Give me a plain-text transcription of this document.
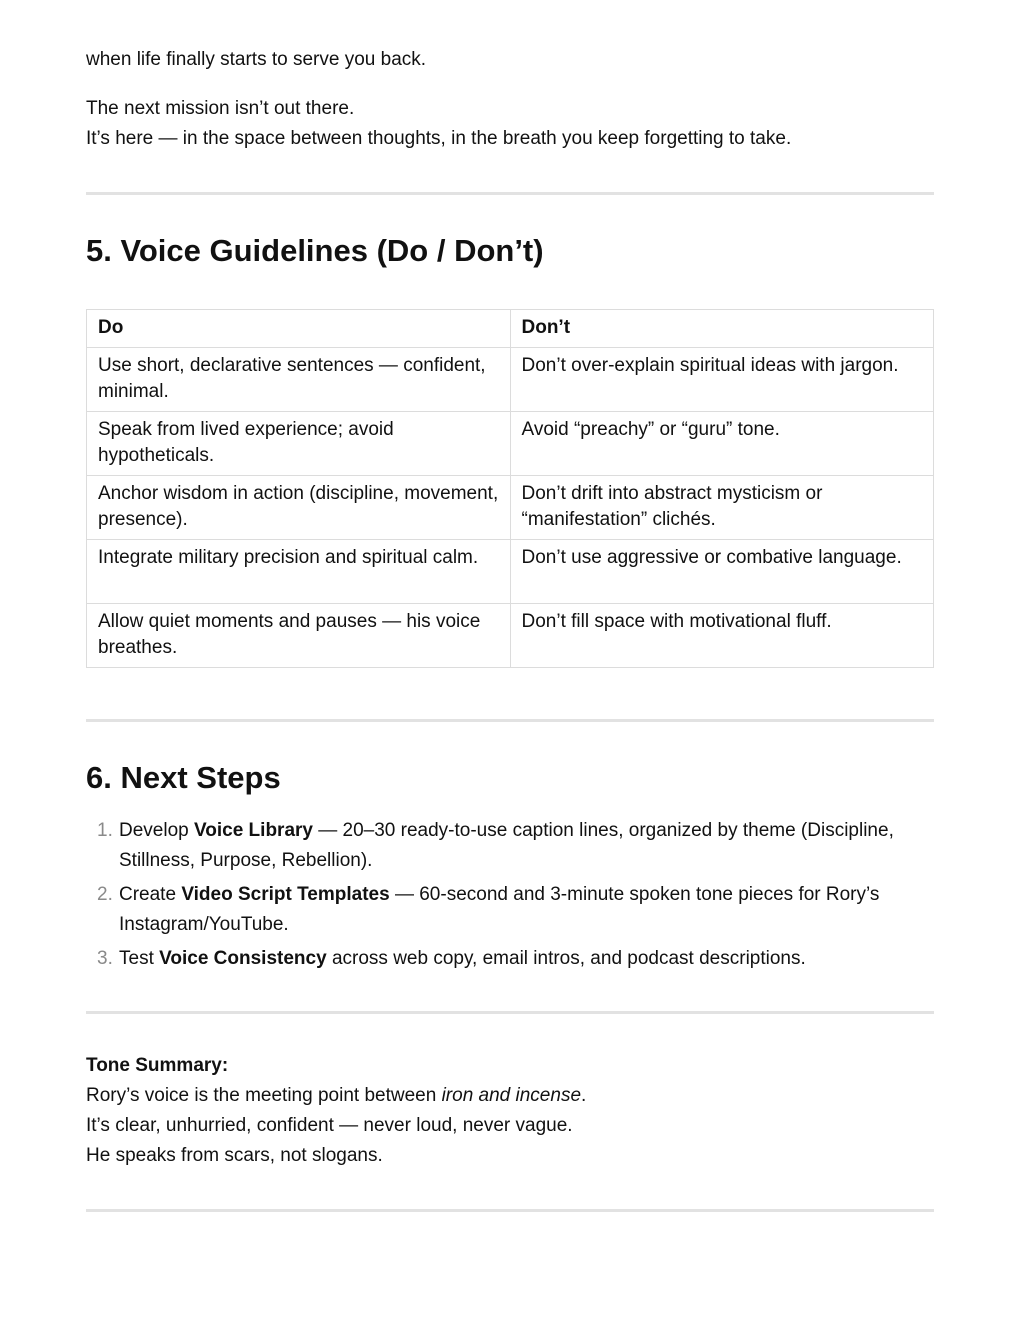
when life finally starts to serve you back.

The next mission isn’t out there.

It’s here — in the space between thoughts, in the breath you keep forgetting to take.

5. Voice Guidelines (Do / Don’t)
Do	Don’t
Use short, declarative sentences — confident, minimal.	Don’t over-explain spiritual ideas with jargon.
Speak from lived experience; avoid hypotheticals.	Avoid “preachy” or “guru” tone.
Anchor wisdom in action (discipline, movement, presence).	Don’t drift into abstract mysticism or “manifestation” clichés.
Integrate military precision and spiritual calm.	Don’t use aggressive or combative language.
Allow quiet moments and pauses — his voice breathes.	Don’t fill space with motivational fluff.
6. Next Steps
1. Develop Voice Library — 20–30 ready-to-use caption lines, organized by theme (Discipline, Stillness, Purpose, Rebellion).
2. Create Video Script Templates — 60-second and 3-minute spoken tone pieces for Rory’s Instagram/YouTube.
3. Test Voice Consistency across web copy, email intros, and podcast descriptions.

Tone Summary:

Rory’s voice is the meeting point between iron and incense.

It’s clear, unhurried, confident — never loud, never vague.

He speaks from scars, not slogans.
